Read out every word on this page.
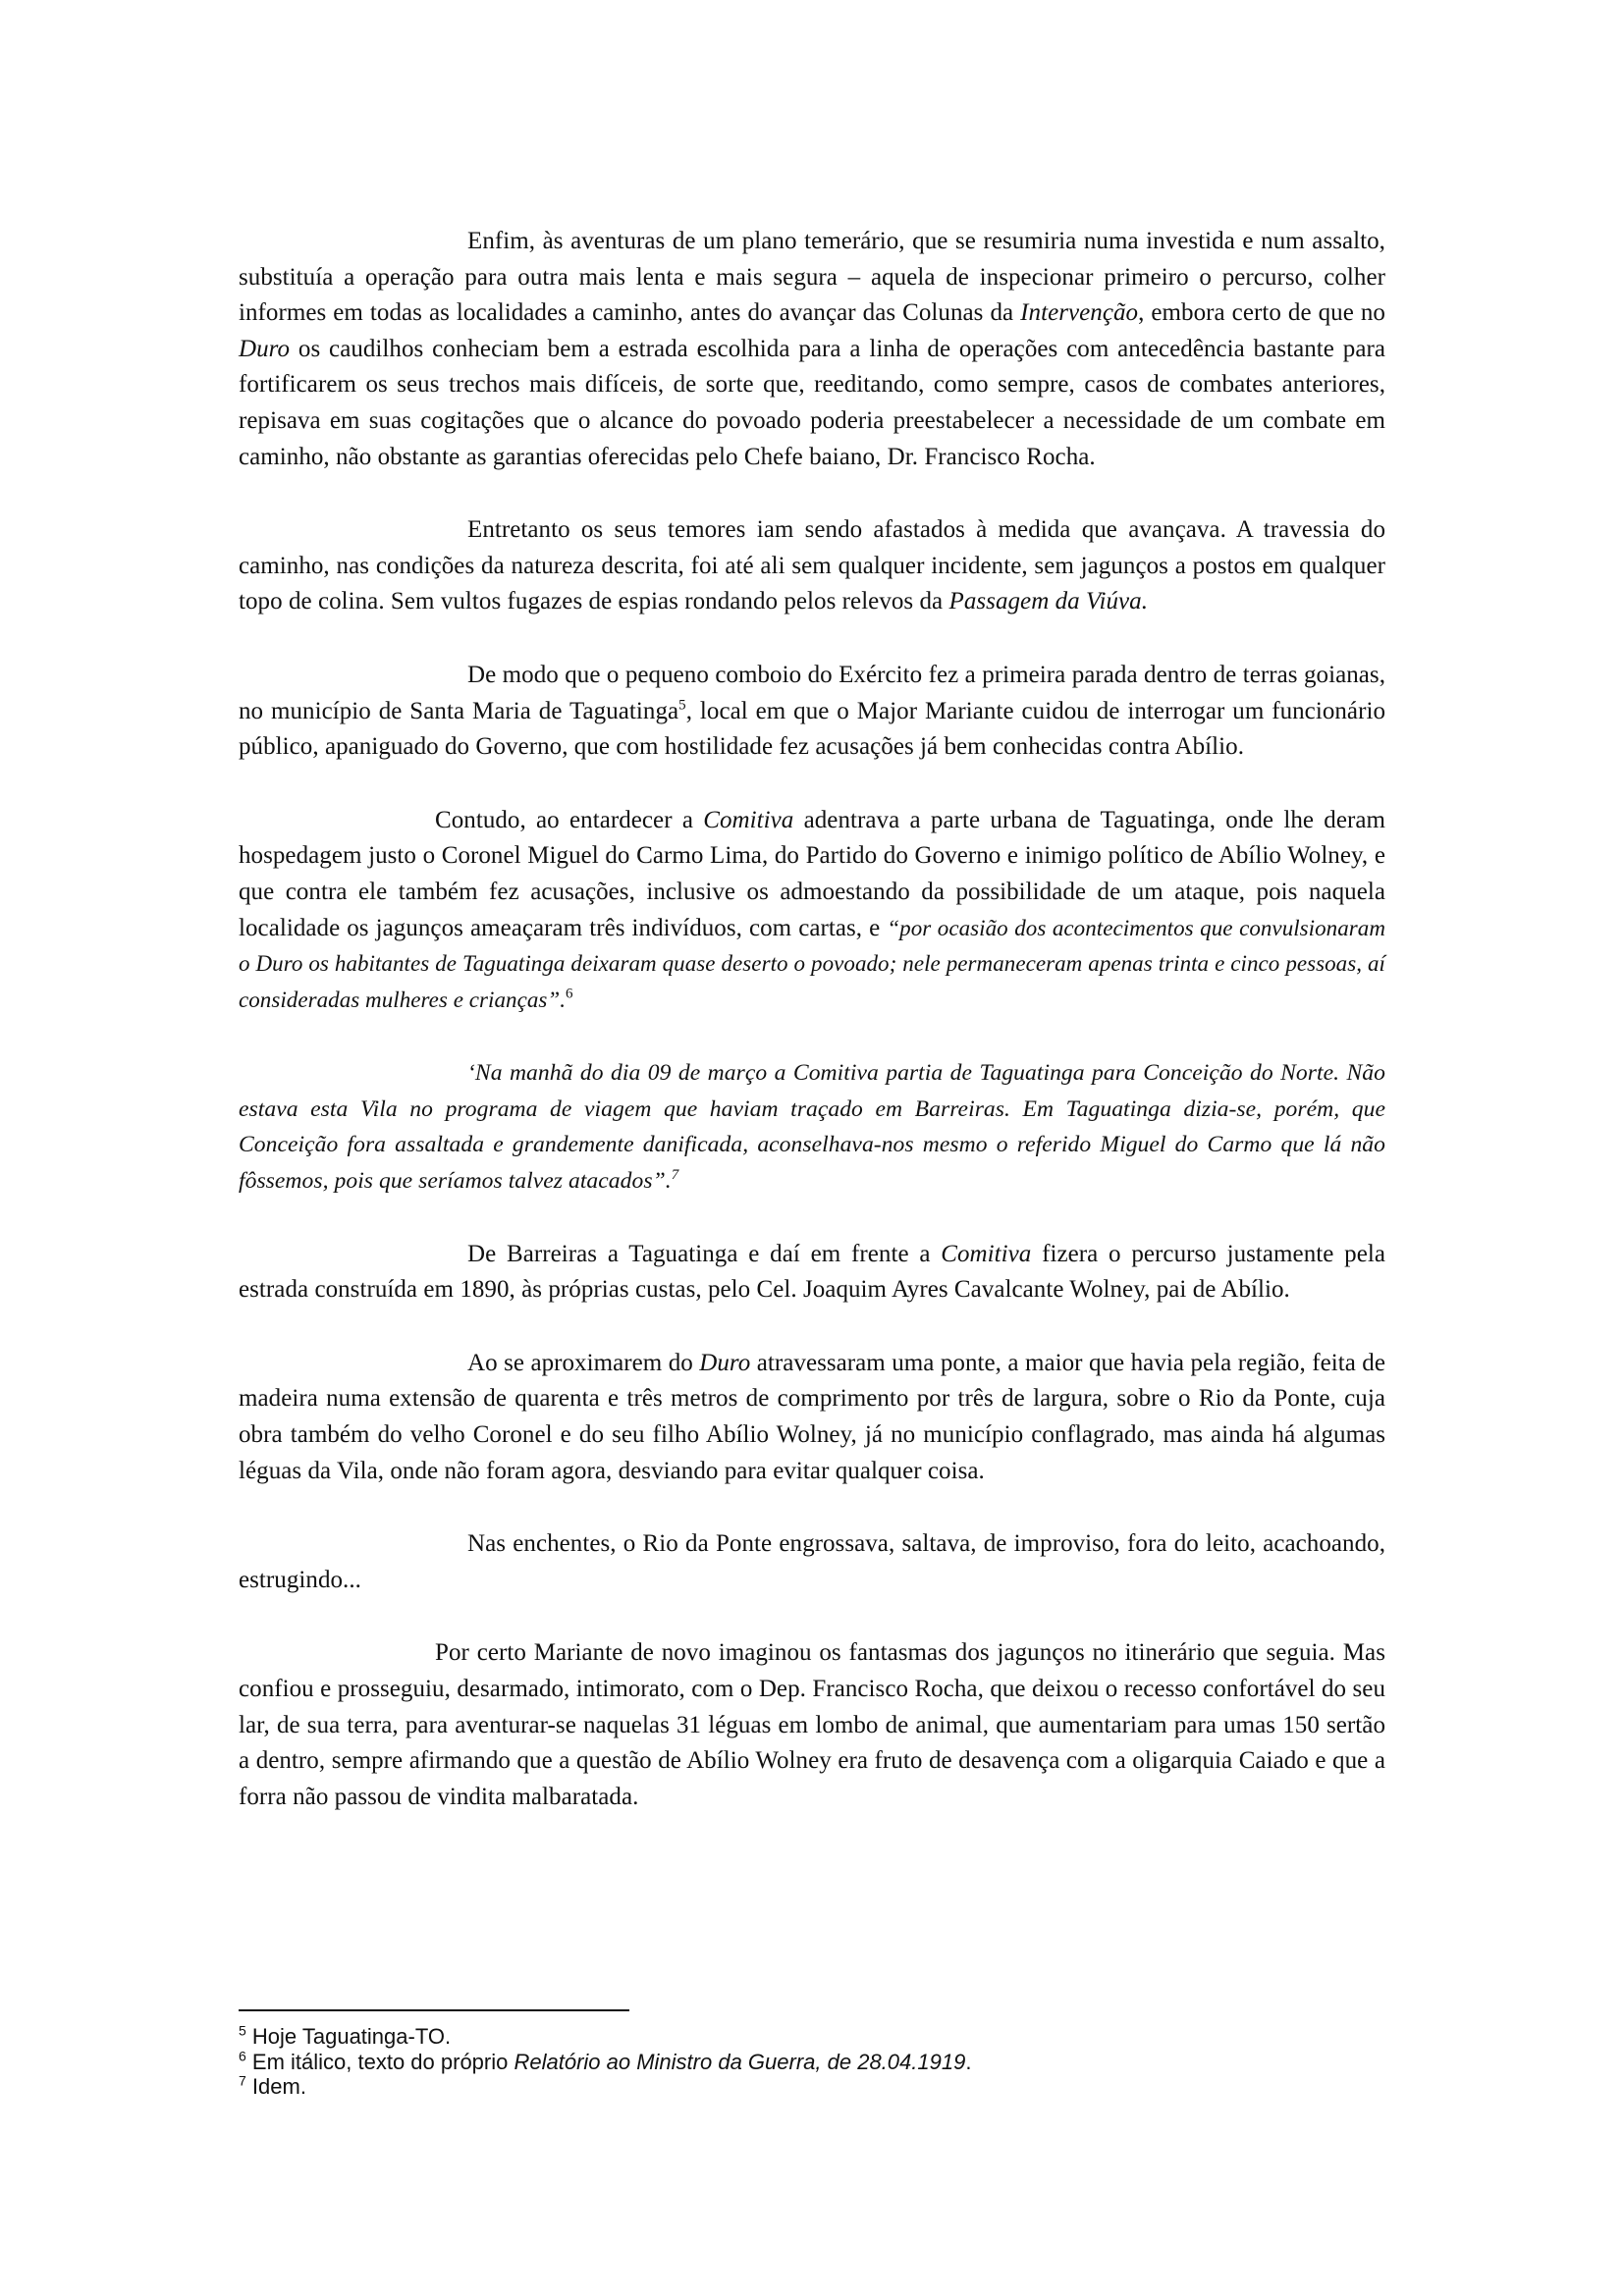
Enfim, às aventuras de um plano temerário, que se resumiria numa investida e num assalto, substituía a operação para outra mais lenta e mais segura – aquela de inspecionar primeiro o percurso, colher informes em todas as localidades a caminho, antes do avançar das Colunas da Intervenção, embora certo de que no Duro os caudilhos conheciam bem a estrada escolhida para a linha de operações com antecedência bastante para fortificarem os seus trechos mais difíceis, de sorte que, reeditando, como sempre, casos de combates anteriores, repisava em suas cogitações que o alcance do povoado poderia preestabelecer a necessidade de um combate em caminho, não obstante as garantias oferecidas pelo Chefe baiano, Dr. Francisco Rocha.

Entretanto os seus temores iam sendo afastados à medida que avançava. A travessia do caminho, nas condições da natureza descrita, foi até ali sem qualquer incidente, sem jagunços a postos em qualquer topo de colina. Sem vultos fugazes de espias rondando pelos relevos da Passagem da Viúva.

De modo que o pequeno comboio do Exército fez a primeira parada dentro de terras goianas, no município de Santa Maria de Taguatinga$^5$, local em que o Major Mariante cuidou de interrogar um funcionário público, apaniguado do Governo, que com hostilidade fez acusações já bem conhecidas contra Abílio.

Contudo, ao entardecer a Comitiva adentrava a parte urbana de Taguatinga, onde lhe deram hospedagem justo o Coronel Miguel do Carmo Lima, do Partido do Governo e inimigo político de Abílio Wolney, e que contra ele também fez acusações, inclusive os admoestando da possibilidade de um ataque, pois naquela localidade os jagunços ameaçaram três indivíduos, com cartas, e “por ocasião dos acontecimentos que convulsionaram o Duro os habitantes de Taguatinga deixaram quase deserto o povoado; nele permaneceram apenas trinta e cinco pessoas, aí consideradas mulheres e crianças”.$^6$

‘Na manhã do dia 09 de março a Comitiva partia de Taguatinga para Conceição do Norte. Não estava esta Vila no programa de viagem que haviam traçado em Barreiras. Em Taguatinga dizia-se, porém, que Conceição fora assaltada e grandemente danificada, aconselhava-nos mesmo o referido Miguel do Carmo que lá não fôssemos, pois que seríamos talvez atacados”.$^7$

De Barreiras a Taguatinga e daí em frente a Comitiva fizera o percurso justamente pela estrada construída em 1890, às próprias custas, pelo Cel. Joaquim Ayres Cavalcante Wolney, pai de Abílio.

Ao se aproximarem do Duro atravessaram uma ponte, a maior que havia pela região, feita de madeira numa extensão de quarenta e três metros de comprimento por três de largura, sobre o Rio da Ponte, cuja obra também do velho Coronel e do seu filho Abílio Wolney, já no município conflagrado, mas ainda há algumas léguas da Vila, onde não foram agora, desviando para evitar qualquer coisa.

Nas enchentes, o Rio da Ponte engrossava, saltava, de improviso, fora do leito, acachoando, estrugindo...

Por certo Mariante de novo imaginou os fantasmas dos jagunços no itinerário que seguia. Mas confiou e prosseguiu, desarmado, intimorato, com o Dep. Francisco Rocha, que deixou o recesso confortável do seu lar, de sua terra, para aventurar-se naquelas 31 léguas em lombo de animal, que aumentariam para umas 150 sertão a dentro, sempre afirmando que a questão de Abílio Wolney era fruto de desavença com a oligarquia Caiado e que a forra não passou de vindita malbaratada.

$^5$ Hoje Taguatinga-TO.

$^6$ Em itálico, texto do próprio Relatório ao Ministro da Guerra, de 28.04.1919.

$^7$ Idem.
